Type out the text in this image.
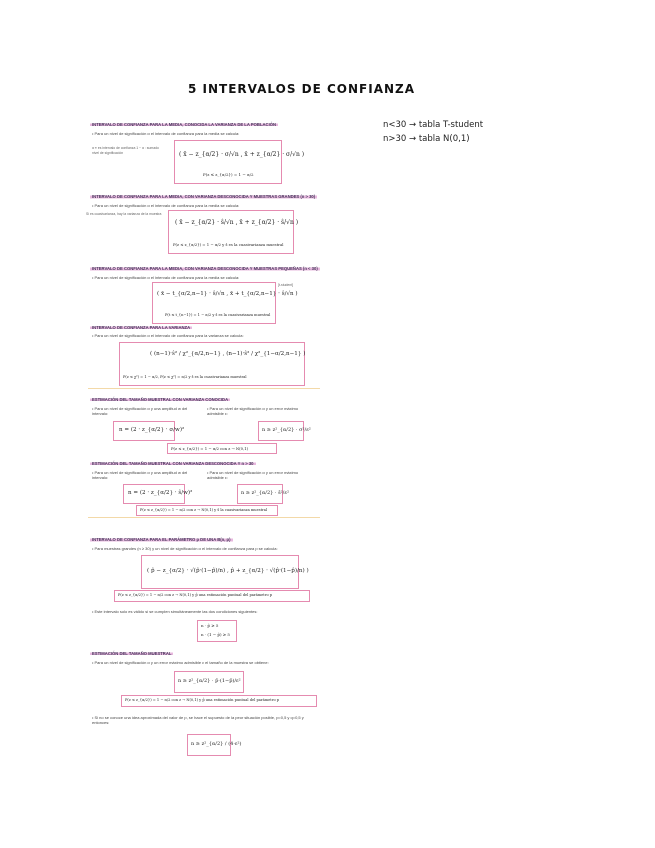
5 INTERVALOS DE CONFIANZA
n<30 → tabla T-student
n>30 → tabla N(0,1)
INTERVALO DE CONFIANZA PARA LA MEDIA, CONOCIDA LA VARIANZA DE LA POBLACIÓN
• Para un nivel de significación α el intervalo de confianza para la media se calcula:
α ≡ es intervalo de confianza 1 − α : sumado nivel de significación	( x̄ − z_{α/2} · σ/√n , x̄ + z_{α/2} · σ/√n )
P(z ≤ z_{α/2}) = 1 − α/2
INTERVALO DE CONFIANZA PARA LA MEDIA, CON VARIANZA DESCONOCIDA Y MUESTRAS GRANDES (n > 30)
• Para un nivel de significación α el intervalo de confianza para la media se calcula:
Si es cuasivarianza, hay la varianza de la muestra
( x̄ − z_{α/2} · ŝ/√n , x̄ + z_{α/2} · ŝ/√n )
P(z ≤ z_{α/2}) = 1 − α/2 y ŝ es la cuasivarianza muestral
INTERVALO DE CONFIANZA PARA LA MEDIA, CON VARIANZA DESCONOCIDA Y MUESTRAS PEQUEÑAS (n < 30)
• Para un nivel de significación α el intervalo de confianza para la media se calcula:
[t-student]
( x̄ − t_{α/2,n−1} · ŝ/√n , x̄ + t_{α/2,n−1} · ŝ/√n )
P(t ≤ t_{n−1}) = 1 − α/2 y ŝ es la cuasivarianza muestral
INTERVALO DE CONFIANZA PARA LA VARIANZA
• Para un nivel de significación α el intervalo de confianza para la varianza se calcula:
( (n−1)·ŝ² / χ²_{α/2,n−1} , (n−1)·ŝ² / χ²_{1−α/2,n−1} )
P(z ≤ χ²) = 1 − α/2, P(z ≤ χ²) = α/2 y ŝ es la cuasivarianza muestral
ESTIMACIÓN DEL TAMAÑO MUESTRAL CON VARIANZA CONOCIDA
• Para un nivel de significación α y una amplitud w del intervalo:
• Para un nivel de significación α y un error máximo admisible ε:
n = (2 · z_{α/2} · σ/w)²	n ≥ z²_{α/2} · σ²/ε²
P(z ≤ z_{α/2}) = 1 − α/2 con z → N(0,1)
ESTIMACIÓN DEL TAMAÑO MUESTRAL CON VARIANZA DESCONOCIDA Y n > 30
• Para un nivel de significación α y una amplitud w del intervalo:
• Para un nivel de significación α y un error máximo admisible ε:
n = (2 · z_{α/2} · ŝ/w)²	n ≥ z²_{α/2} · ŝ²/ε²
P(z ≤ z_{α/2}) = 1 − α/2 con z → N(0,1) y ŝ la cuasivarianza muestral
INTERVALO DE CONFIANZA PARA EL PARÁMETRO p DE UNA B(n, p)
• Para muestras grandes (n ≥ 30) y un nivel de significación α el intervalo de confianza para p se calcula:
( p̂ − z_{α/2} · √(p̂·(1−p̂)/n) , p̂ + z_{α/2} · √(p̂·(1−p̂)/n) )
P(z ≤ z_{α/2}) = 1 − α/2 con z → N(0,1) y p̂ una estimación puntual del parámetro p
• Este intervalo solo es válido si se cumplen simultáneamente las dos condiciones siguientes:
n · p̂ ≥ 5
n · (1 − p̂) ≥ 5
ESTIMACIÓN DEL TAMAÑO MUESTRAL
• Para un nivel de significación α y un error máximo admisible ε el tamaño de la muestra se obtiene:
n ≥ z²_{α/2} · p̂·(1−p̂)/ε²
P(z ≤ z_{α/2}) = 1 − α/2 con z → N(0,1) y p̂ una estimación puntual del parámetro p
• Si no se conoce una idea aproximada del valor de p, se hace el supuesto de la peor situación posible, p=0,5 y q=0,5 y entonces:
n ≥ z²_{α/2} / (4·ε²)
